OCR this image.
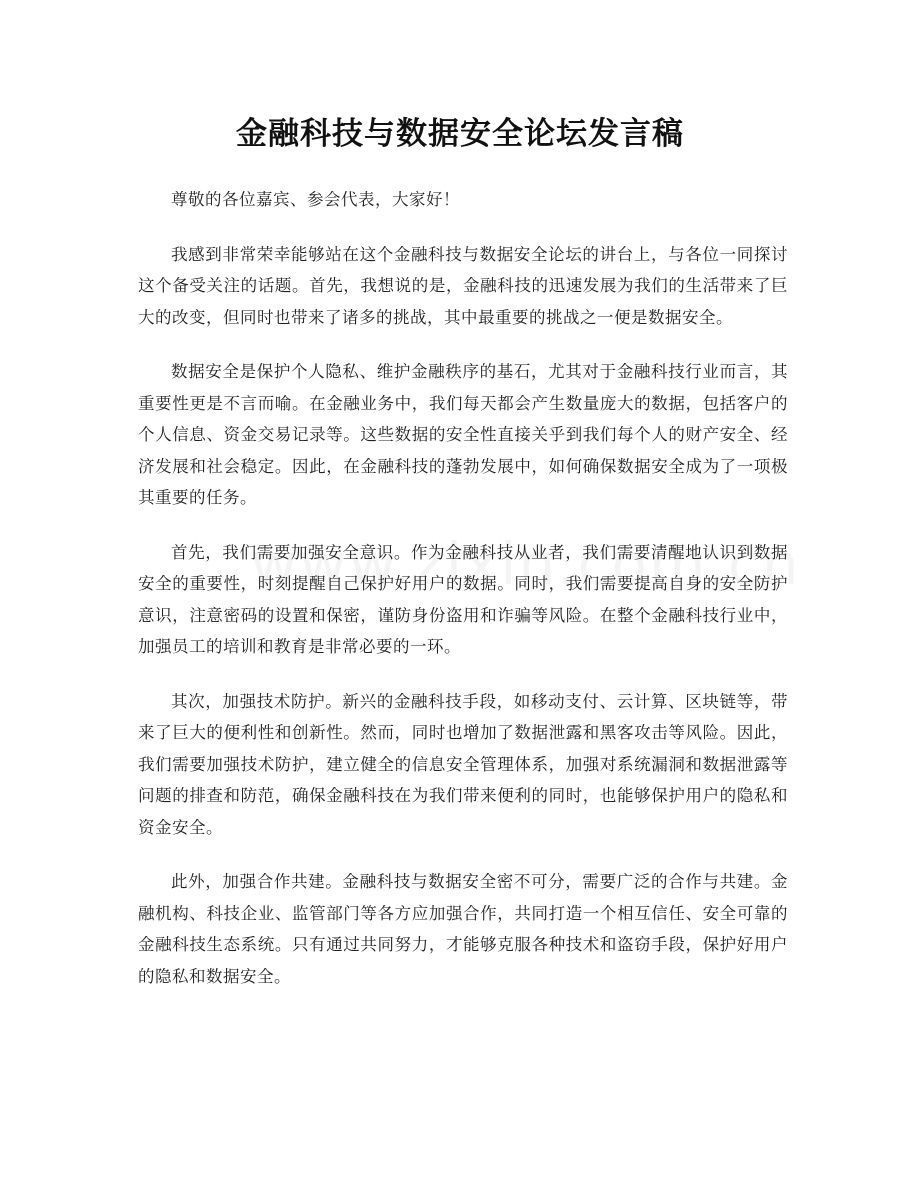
金融科技与数据安全论坛发言稿

尊敬的各位嘉宾、参会代表，大家好！

我感到非常荣幸能够站在这个金融科技与数据安全论坛的讲台上，与各位一同探讨这个备受关注的话题。首先，我想说的是，金融科技的迅速发展为我们的生活带来了巨大的改变，但同时也带来了诸多的挑战，其中最重要的挑战之一便是数据安全。

数据安全是保护个人隐私、维护金融秩序的基石，尤其对于金融科技行业而言，其重要性更是不言而喻。在金融业务中，我们每天都会产生数量庞大的数据，包括客户的个人信息、资金交易记录等。这些数据的安全性直接关乎到我们每个人的财产安全、经济发展和社会稳定。因此，在金融科技的蓬勃发展中，如何确保数据安全成为了一项极其重要的任务。

首先，我们需要加强安全意识。作为金融科技从业者，我们需要清醒地认识到数据安全的重要性，时刻提醒自己保护好用户的数据。同时，我们需要提高自身的安全防护意识，注意密码的设置和保密，谨防身份盗用和诈骗等风险。在整个金融科技行业中，加强员工的培训和教育是非常必要的一环。

其次，加强技术防护。新兴的金融科技手段，如移动支付、云计算、区块链等，带来了巨大的便利性和创新性。然而，同时也增加了数据泄露和黑客攻击等风险。因此，我们需要加强技术防护，建立健全的信息安全管理体系，加强对系统漏洞和数据泄露等问题的排查和防范，确保金融科技在为我们带来便利的同时，也能够保护用户的隐私和资金安全。

此外，加强合作共建。金融科技与数据安全密不可分，需要广泛的合作与共建。金融机构、科技企业、监管部门等各方应加强合作，共同打造一个相互信任、安全可靠的金融科技生态系统。只有通过共同努力，才能够克服各种技术和盗窃手段，保护好用户的隐私和数据安全。
